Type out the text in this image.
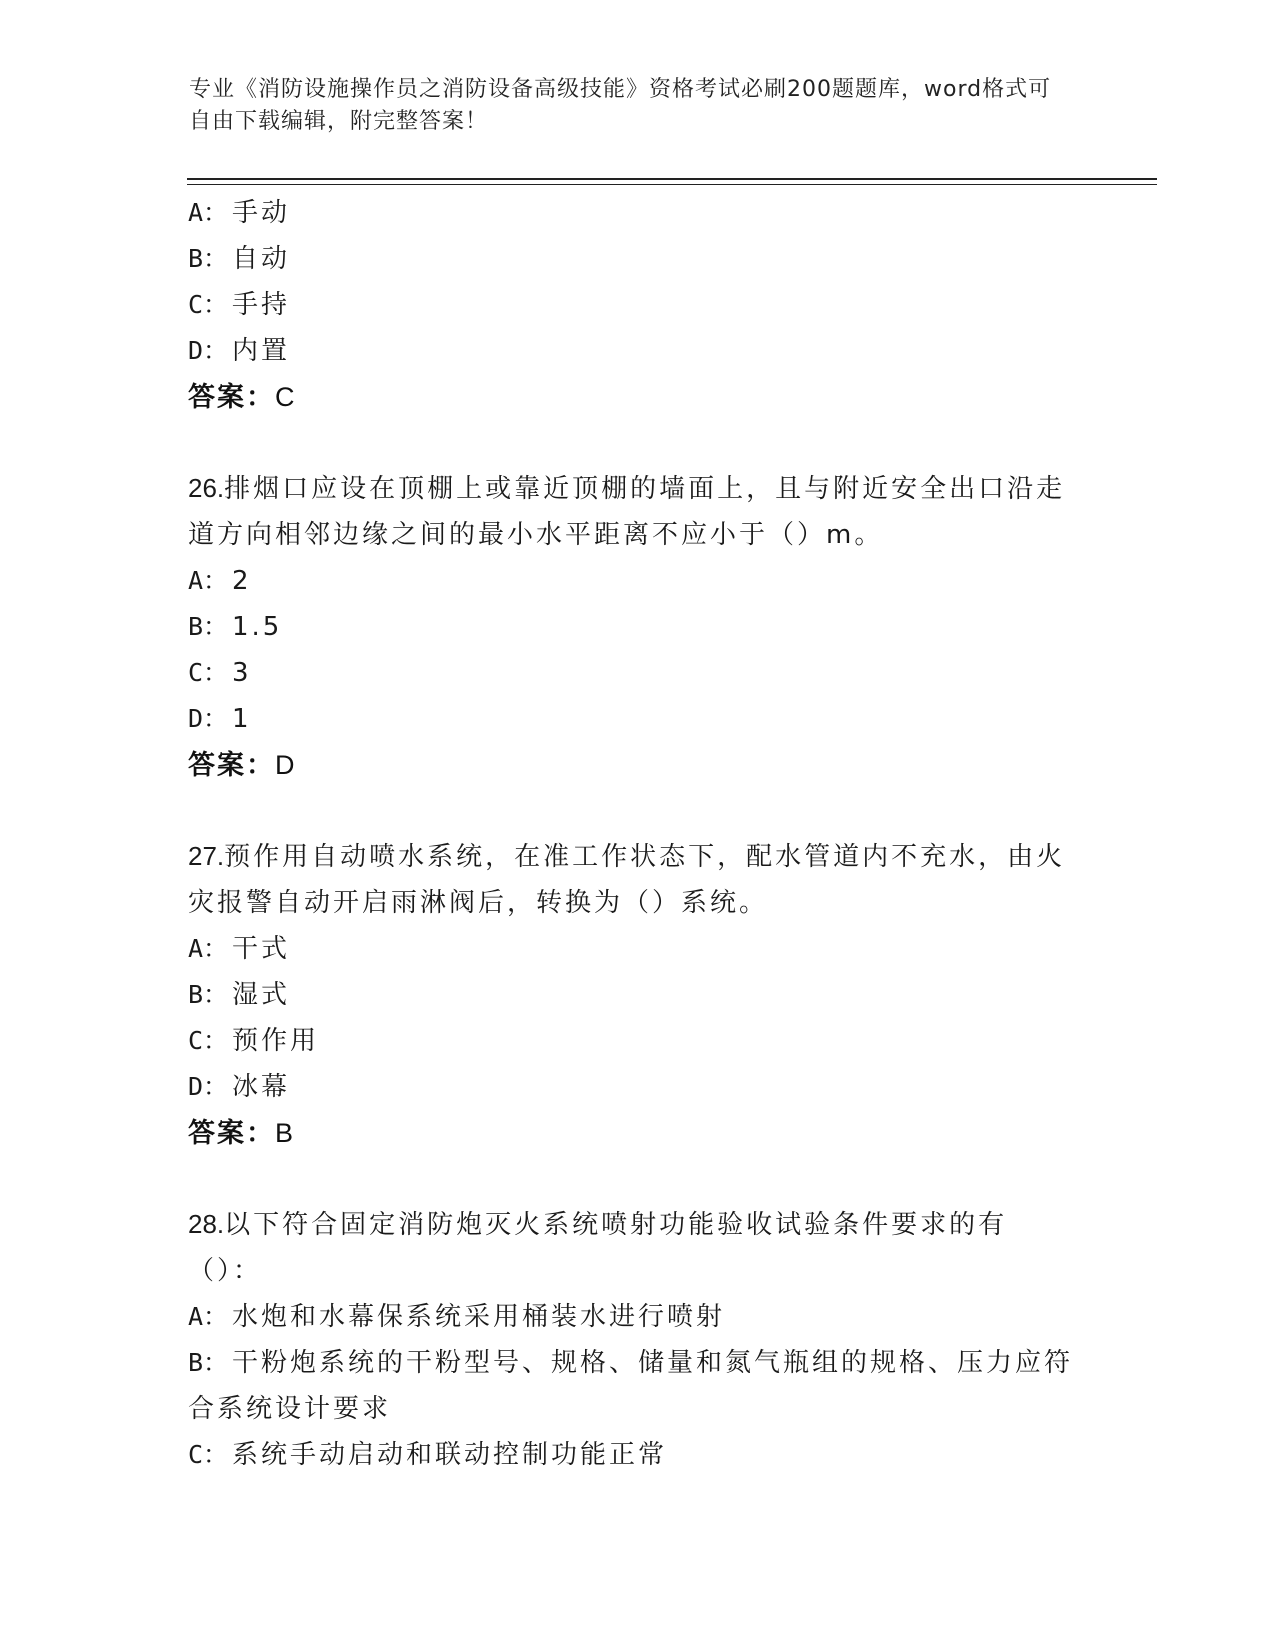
专业《消防设施操作员之消防设备高级技能》资格考试必刷200题题库，word格式可自由下载编辑，附完整答案！
A： 手动
B： 自动
C： 手持
D： 内置
答案：C
26.排烟口应设在顶棚上或靠近顶棚的墙面上，且与附近安全出口沿走道方向相邻边缘之间的最小水平距离不应小于（）m。
A： 2
B： 1.5
C： 3
D： 1
答案：D
27.预作用自动喷水系统，在准工作状态下，配水管道内不充水，由火灾报警自动开启雨淋阀后，转换为（）系统。
A： 干式
B： 湿式
C： 预作用
D： 冰幕
答案：B
28.以下符合固定消防炮灭火系统喷射功能验收试验条件要求的有（）：
A： 水炮和水幕保系统采用桶装水进行喷射
B： 干粉炮系统的干粉型号、规格、储量和氮气瓶组的规格、压力应符合系统设计要求
C： 系统手动启动和联动控制功能正常
